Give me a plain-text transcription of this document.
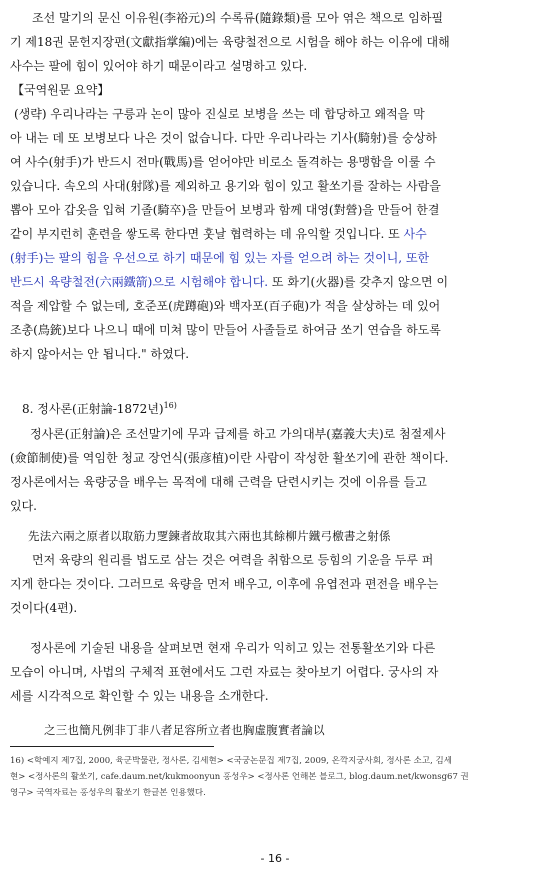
조선 말기의 문신 이유원(李裕元)의 수록류(隨錄類)를 모아 엮은 책으로 임하필
기 제18권 문헌지장편(文獻指掌編)에는 육량철전으로 시험을 해야 하는 이유에 대해
사수는 팔에 힘이 있어야 하기 때문이라고 설명하고 있다.
【국역원문 요약】
(생략) 우리나라는 구릉과 논이 많아 진실로 보병을 쓰는 데 합당하고 왜적을 막
아 내는 데 또 보병보다 나은 것이 없습니다. 다만 우리나라는 기사(騎射)를 숭상하
여 사수(射手)가 반드시 전마(戰馬)를 얻어야만 비로소 돌격하는 용맹함을 이룰 수
있습니다. 속오의 사대(射隊)를 제외하고 용기와 힘이 있고 활쏘기를 잘하는 사람을
뽑아 모아 갑옷을 입혀 기졸(騎卒)을 만들어 보병과 함께 대영(對營)을 만들어 한결
같이 부지런히 훈련을 쌓도록 한다면 훗날 협력하는 데 유익할 것입니다. 또 사수
(射手)는 팔의 힘을 우선으로 하기 때문에 힘 있는 자를 얻으려 하는 것이니, 또한
반드시 육량철전(六兩鐵箭)으로 시험해야 합니다. 또 화기(火器)를 갖추지 않으면 이
적을 제압할 수 없는데, 호준포(虎蹲砲)와 백자포(百子砲)가 적을 살상하는 데 있어
조총(鳥銃)보다 나으니 때에 미쳐 많이 만들어 사졸들로 하여금 쏘기 연습을 하도록
하지 않아서는 안 됩니다." 하였다.
8. 정사론(正射論-1872년)$^{16)}$
정사론(正射論)은 조선말기에 무과 급제를 하고 가의대부(嘉義大夫)로 첨절제사
(僉節制使)를 역임한 청교 장언식(張彦植)이란 사람이 작성한 활쏘기에 관한 책이다.
정사론에서는 육량궁을 배우는 목적에 대해 근력을 단련시키는 것에 이유를 들고
있다.
先法六兩之原者以取筋力覂鍊者故取其六兩也其餘柳片鐵弓檄書之射係
먼저 육량의 원리를 법도로 삼는 것은 여력을 취함으로 등힘의 기운을 두루 퍼
지게 한다는 것이다. 그러므로 육량을 먼저 배우고, 이후에 유엽전과 편전을 배우는
것이다(4편).
정사론에 기술된 내용을 살펴보면 현재 우리가 익히고 있는 전통활쏘기와 다른
모습이 아니며, 사법의 구체적 표현에서도 그런 자료는 찾아보기 어렵다. 궁사의 자
세를 시각적으로 확인할 수 있는 내용을 소개한다.
之三也簡凡例非丁非八者足容所立者也胸虛腹實者論以
16) <학예지 제7집, 2000, 육군박물관, 정사론, 김세현> <국궁논문집 제7집, 2009, 온깍지궁사회, 정사론 소고, 김세
현> <정사론의 활쏘기, cafe.daum.net/kukmoonyun 홍성우> <정사론 언해본 블로그, blog.daum.net/kwonsg67 권
영구> 국역자료는 홍성우의 활쏘기 한글본 인용했다.
- 16 -
